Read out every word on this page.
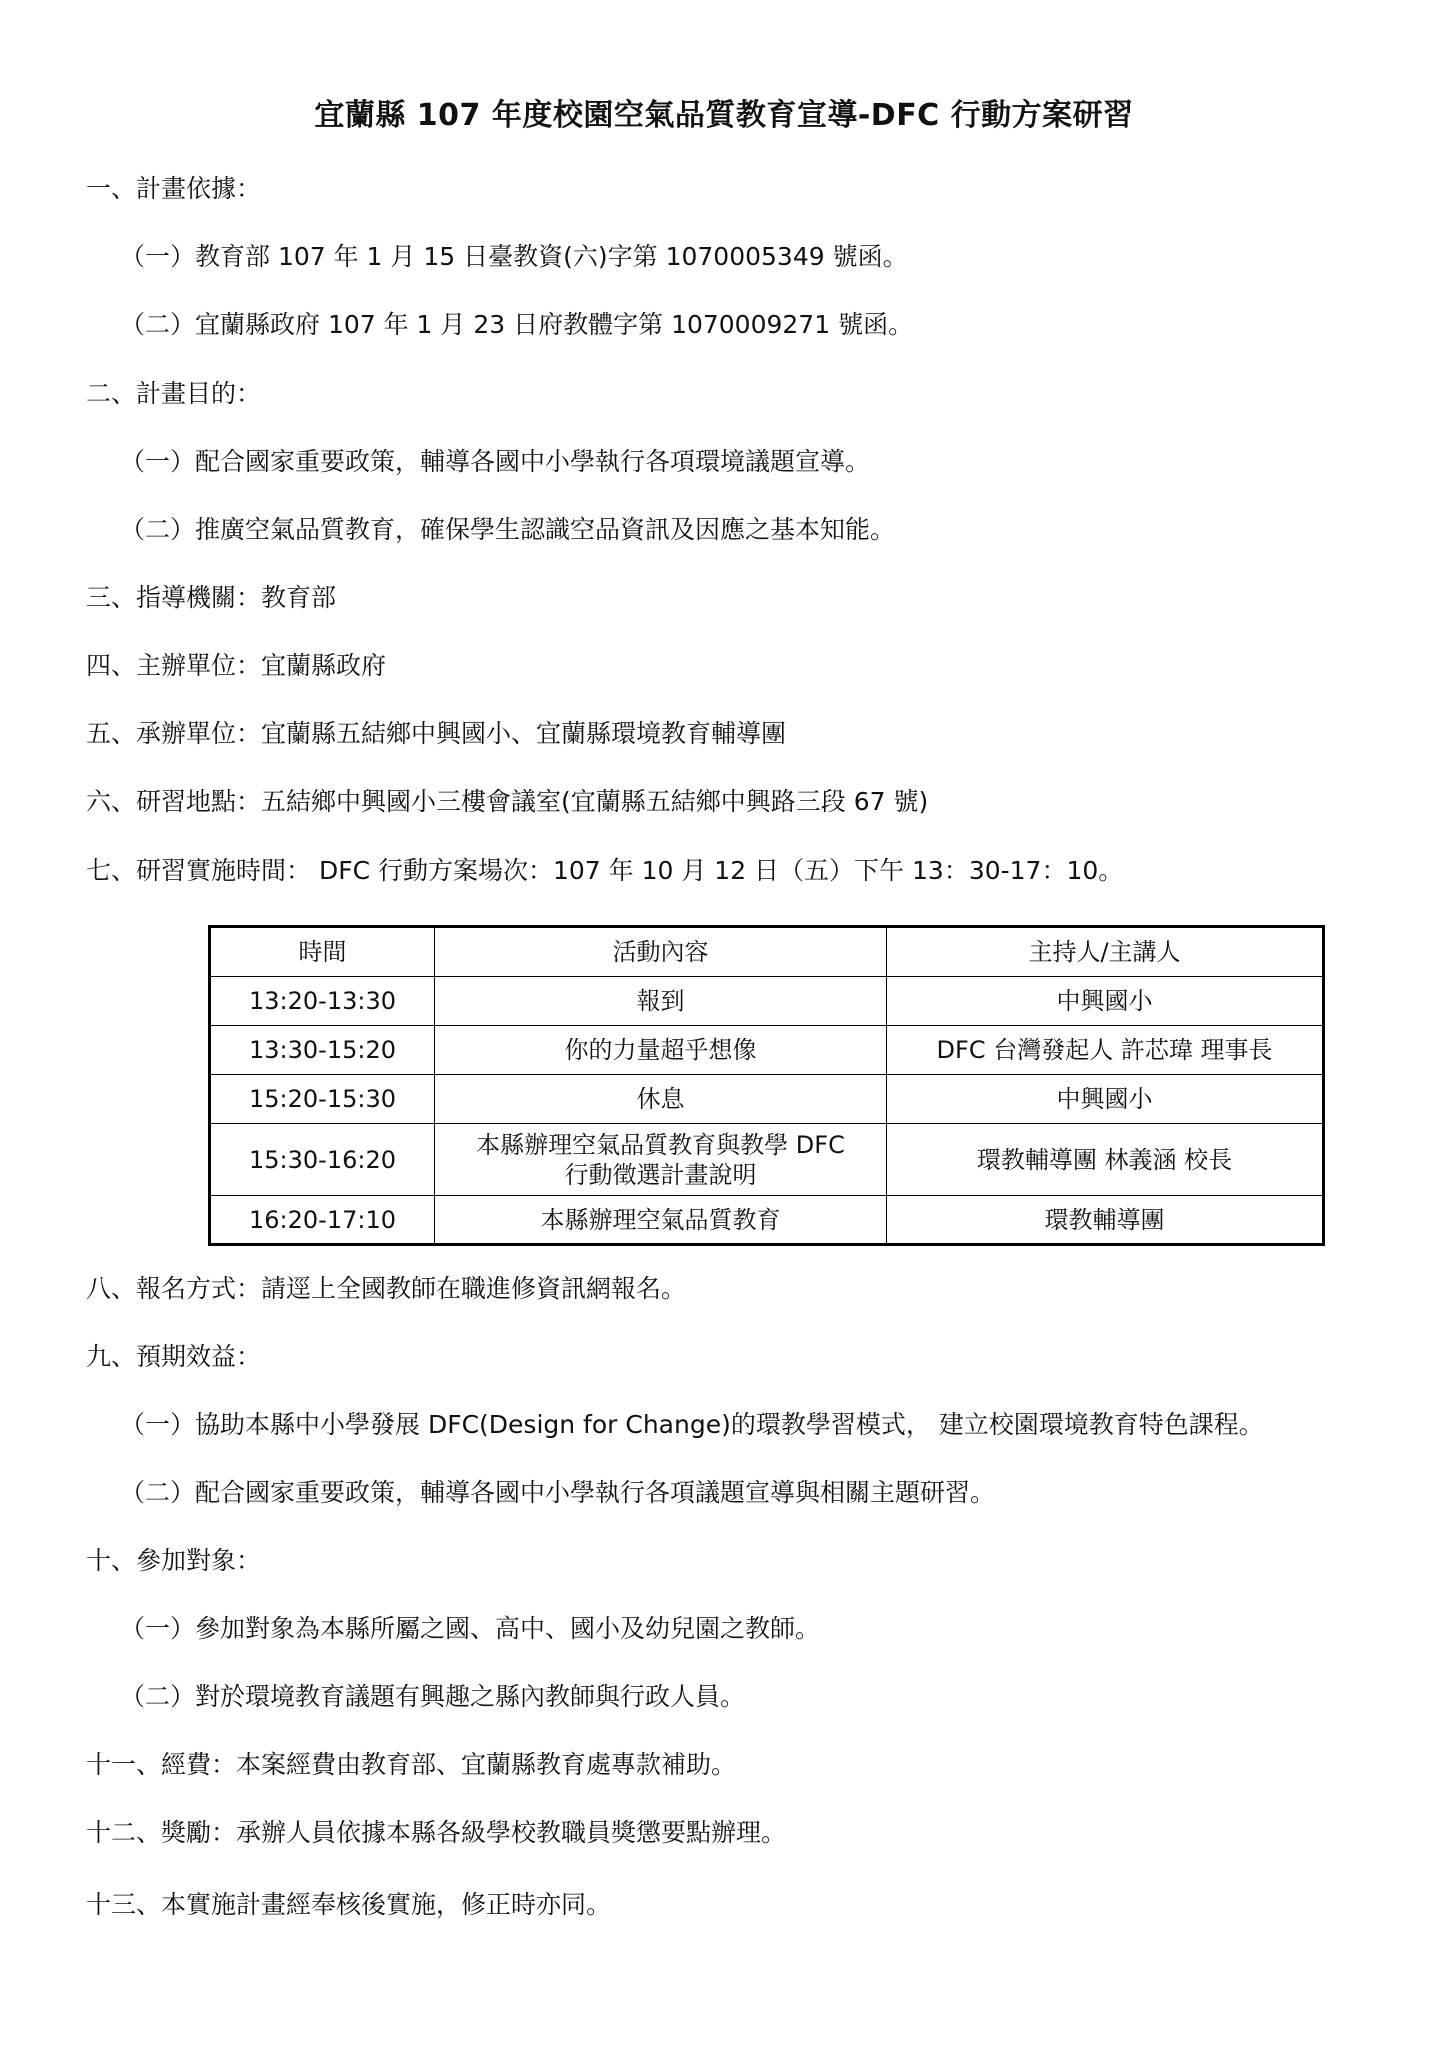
宜蘭縣 107 年度校園空氣品質教育宣導-DFC 行動方案研習
一、計畫依據：
（一）教育部 107 年 1 月 15 日臺教資(六)字第 1070005349 號函。
（二）宜蘭縣政府 107 年 1 月 23 日府教體字第 1070009271 號函。
二、計畫目的：
（一）配合國家重要政策，輔導各國中小學執行各項環境議題宣導。
（二）推廣空氣品質教育，確保學生認識空品資訊及因應之基本知能。
三、指導機關：教育部
四、主辦單位：宜蘭縣政府
五、承辦單位：宜蘭縣五結鄉中興國小、宜蘭縣環境教育輔導團
六、研習地點：五結鄉中興國小三樓會議室(宜蘭縣五結鄉中興路三段 67 號)
七、研習實施時間： DFC 行動方案場次：107 年 10 月 12 日（五）下午 13：30-17：10。
時間	活動內容	主持人/主講人
13:20-13:30	報到	中興國小
13:30-15:20	你的力量超乎想像	DFC 台灣發起人 許芯瑋 理事長
15:20-15:30	休息	中興國小
15:30-16:20	本縣辦理空氣品質教育與教學 DFC
行動徵選計畫說明	環教輔導團 林義涵 校長
16:20-17:10	本縣辦理空氣品質教育	環教輔導團
八、報名方式：請逕上全國教師在職進修資訊網報名。
九、預期效益：
（一）協助本縣中小學發展 DFC(Design for Change)的環教學習模式， 建立校園環境教育特色課程。
（二）配合國家重要政策，輔導各國中小學執行各項議題宣導與相關主題研習。
十、參加對象：
（一）參加對象為本縣所屬之國、高中、國小及幼兒園之教師。
（二）對於環境教育議題有興趣之縣內教師與行政人員。
十一、經費：本案經費由教育部、宜蘭縣教育處專款補助。
十二、獎勵：承辦人員依據本縣各級學校教職員獎懲要點辦理。
十三、本實施計畫經奉核後實施，修正時亦同。
